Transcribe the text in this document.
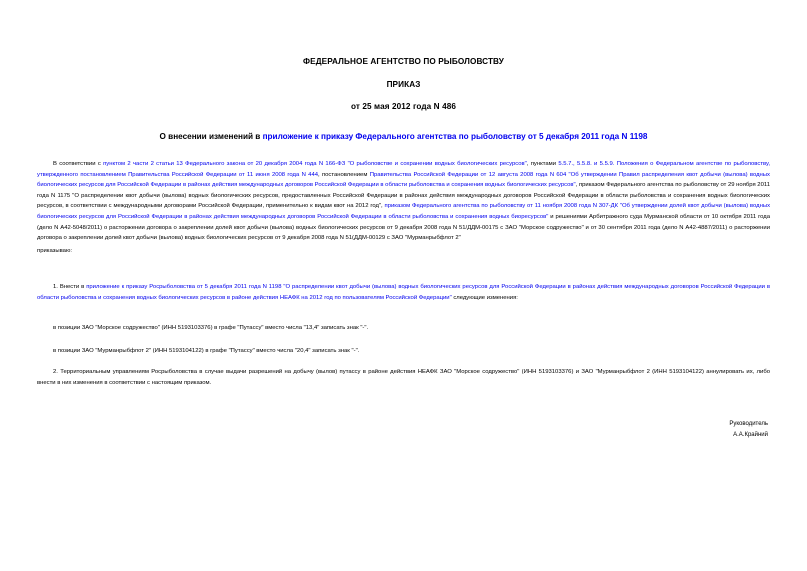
ФЕДЕРАЛЬНОЕ АГЕНТСТВО ПО РЫБОЛОВСТВУ
ПРИКАЗ
от 25 мая 2012 года N 486
О внесении изменений в приложение к приказу Федерального агентства по рыболовству от 5 декабря 2011 года N 1198
В соответствии с пунктом 2 части 2 статьи 13 Федерального закона от 20 декабря 2004 года N 166-ФЗ "О рыболовстве и сохранении водных биологических ресурсов", пунктами 5.5.7., 5.5.8. и 5.5.9. Положения о Федеральном агентстве по рыболовству, утвержденного постановлением Правительства Российской Федерации от 11 июня 2008 года N 444, постановлением Правительства Российской Федерации от 12 августа 2008 года N 604 "Об утверждении Правил распределения квот добычи (вылова) водных биологических ресурсов для Российской Федерации в районах действия международных договоров Российской Федерации в области рыболовства и сохранения водных биологических ресурсов", приказом Федерального агентства по рыболовству от 29 ноября 2011 года N 1175 "О распределении квот добычи (вылова) водных биологических ресурсов, предоставленных Российской Федерации в районах действия международных договоров Российской Федерации в области рыболовства и сохранения водных биологических ресурсов, в соответствии с международными договорами Российской Федерации, применительно к видам квот на 2012 год", приказом Федерального агентства по рыболовству от 11 ноября 2008 года N 307-ДК "Об утверждении долей квот добычи (вылова) водных биологических ресурсов для Российской Федерации в районах действия международных договоров Российской Федерации в области рыболовства и сохранения водных биоресурсов" и решениями Арбитражного суда Мурманской области от 10 октября 2011 года (дело N А42-5048/2011) о расторжении договора о закреплении долей квот добычи (вылова) водных биологических ресурсов от 9 декабря 2008 года N 51/ДДМ-00175 с ЗАО "Морское содружество" и от 30 сентября 2011 года (дело N А42-4887/2011) о расторжении договора о закреплении долей квот добычи (вылова) водных биологических ресурсов от 9 декабря 2008 года N 51(ДДМ-00129 с ЗАО "Мурманрыбфлот 2"
приказываю:
1. Внести в приложение к приказу Росрыболовства от 5 декабря 2011 года N 1198 "О распределении квот добычи (вылова) водных биологических ресурсов для Российской Федерации в районах действия международных договоров Российской Федерации в области рыболовства и сохранения водных биологических ресурсов в районе действия НЕАФК на 2012 год по пользователям Российской Федерации" следующие изменения:
в позиции ЗАО "Морское содружество" (ИНН 5193103376) в графе "Путассу" вместо числа "13,4" записать знак "-".
в позиции ЗАО "Мурманрыбфлот 2" (ИНН 5193104122) в графе "Путассу" вместо числа "20,4" записать знак "-".
2. Территориальным управлениям Росрыболовства в случае выдачи разрешений на добычу (вылов) путассу в районе действия НЕАФК ЗАО "Морское содружество" (ИНН 5193103376) и ЗАО "Мурманрыбфлот 2 (ИНН 5193104122) аннулировать их, либо внести в них изменения в соответствии с настоящим приказом.
Руководитель
А.А.Крайний
